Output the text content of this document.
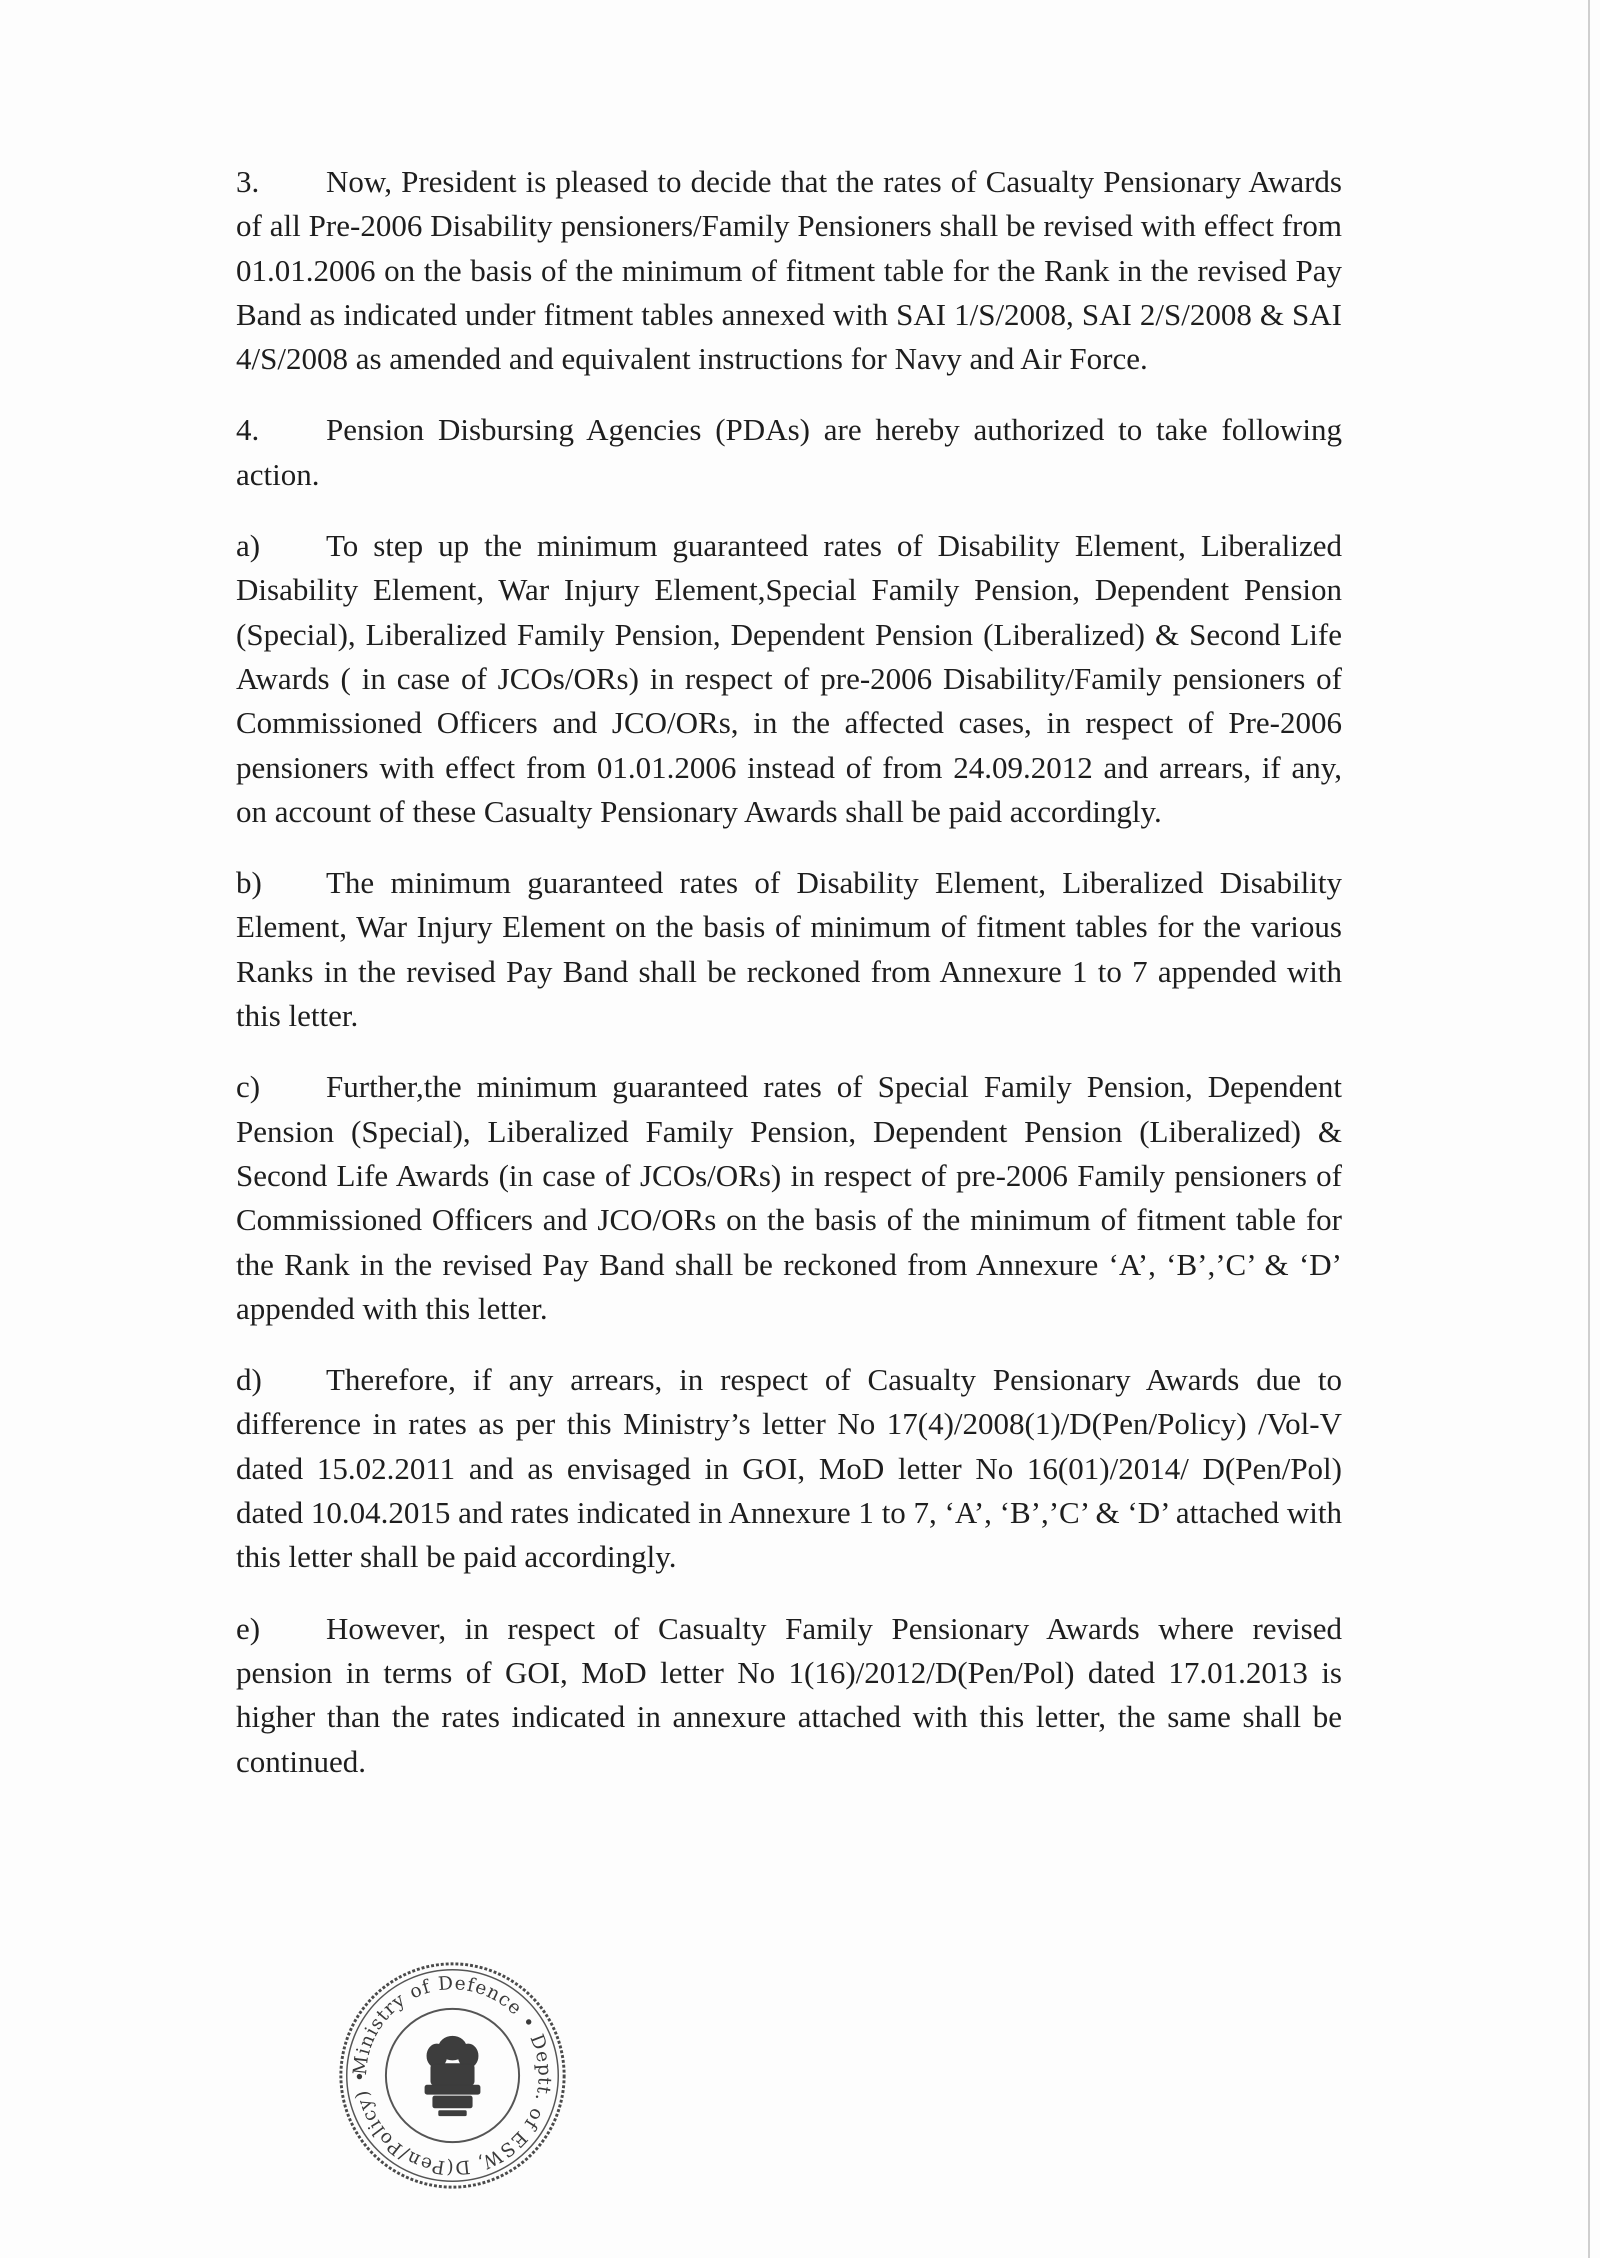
3. Now, President is pleased to decide that the rates of Casualty Pensionary Awards of all Pre-2006 Disability pensioners/Family Pensioners shall be revised with effect from 01.01.2006 on the basis of the minimum of fitment table for the Rank in the revised Pay Band as indicated under fitment tables annexed with SAI 1/S/2008, SAI 2/S/2008 & SAI 4/S/2008 as amended and equivalent instructions for Navy and Air Force.

4. Pension Disbursing Agencies (PDAs) are hereby authorized to take following action.

a) To step up the minimum guaranteed rates of Disability Element, Liberalized Disability Element, War Injury Element,Special Family Pension, Dependent Pension (Special), Liberalized Family Pension, Dependent Pension (Liberalized) & Second Life Awards ( in case of JCOs/ORs) in respect of pre-2006 Disability/Family pensioners of Commissioned Officers and JCO/ORs, in the affected cases, in respect of Pre-2006 pensioners with effect from 01.01.2006 instead of from 24.09.2012 and arrears, if any, on account of these Casualty Pensionary Awards shall be paid accordingly.

b) The minimum guaranteed rates of Disability Element, Liberalized Disability Element, War Injury Element on the basis of minimum of fitment tables for the various Ranks in the revised Pay Band shall be reckoned from Annexure 1 to 7 appended with this letter.

c) Further,the minimum guaranteed rates of Special Family Pension, Dependent Pension (Special), Liberalized Family Pension, Dependent Pension (Liberalized) & Second Life Awards (in case of JCOs/ORs) in respect of pre-2006 Family pensioners of Commissioned Officers and JCO/ORs on the basis of the minimum of fitment table for the Rank in the revised Pay Band shall be reckoned from Annexure ‘A’, ‘B’,’C’ & ‘D’ appended with this letter.

d) Therefore, if any arrears, in respect of Casualty Pensionary Awards due to difference in rates as per this Ministry’s letter No 17(4)/2008(1)/D(Pen/Policy) /Vol-V dated 15.02.2011 and as envisaged in GOI, MoD letter No 16(01)/2014/ D(Pen/Pol) dated 10.04.2015 and rates indicated in Annexure 1 to 7, ‘A’, ‘B’,’C’ & ‘D’ attached with this letter shall be paid accordingly.

e) However, in respect of Casualty Family Pensionary Awards where revised pension in terms of GOI, MoD letter No 1(16)/2012/D(Pen/Pol) dated 17.01.2013 is higher than the rates indicated in annexure attached with this letter, the same shall be continued.

Ministry of Defence • Deptt. of ESW, D(Pen/Policy) •
